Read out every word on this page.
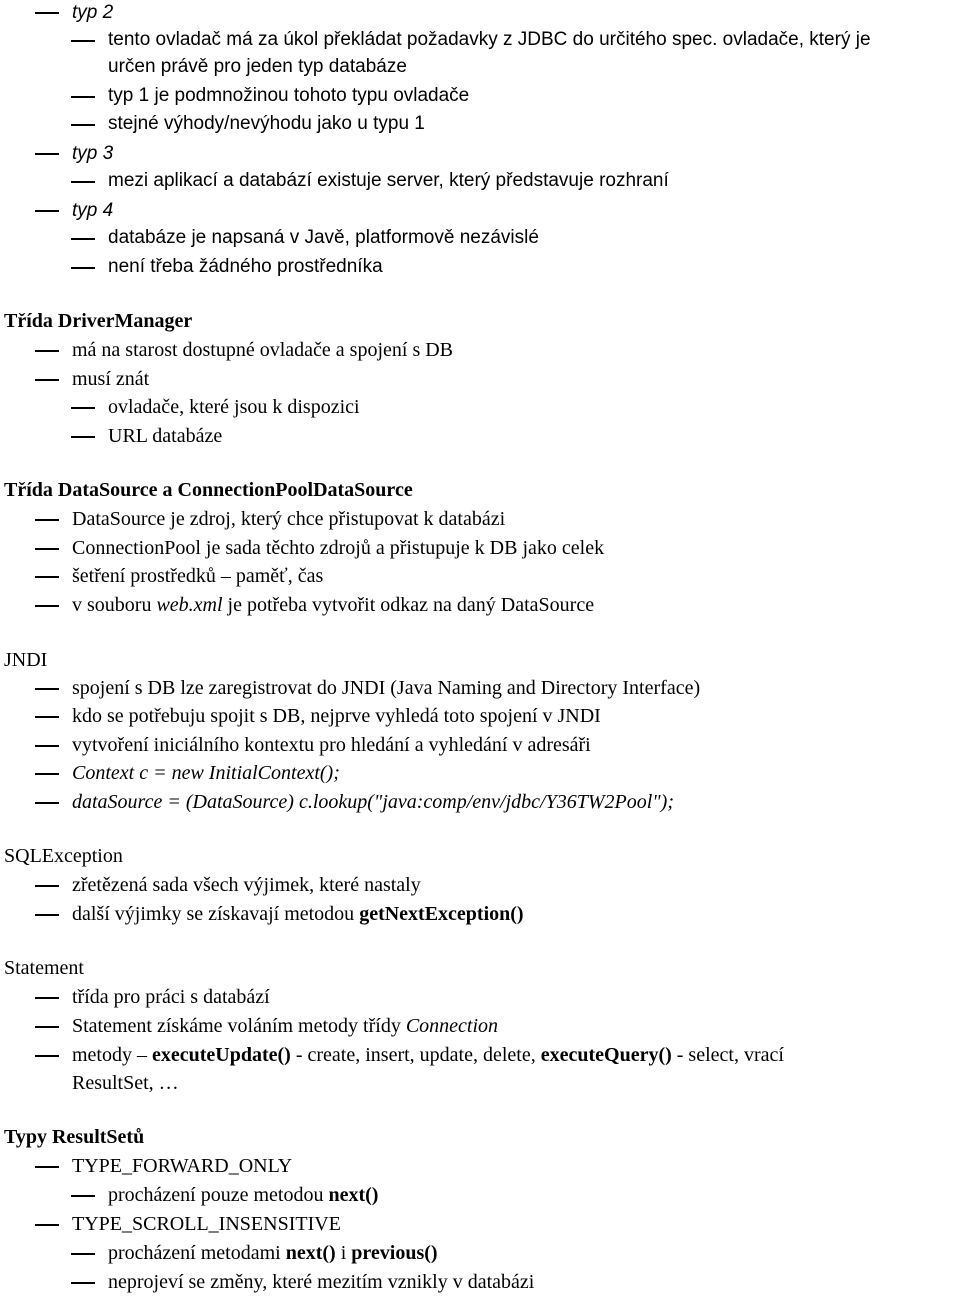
typ 2
tento ovladač má za úkol překládat požadavky z JDBC do určitého spec. ovladače, který je
určen právě pro jeden typ databáze
typ 1 je podmnožinou tohoto typu ovladače
stejné výhody/nevýhodu jako u typu 1
typ 3
mezi aplikací a databází existuje server, který představuje rozhraní
typ 4
databáze je napsaná v Javě, platformově nezávislé
není třeba žádného prostředníka
Třída DriverManager
má na starost dostupné ovladače a spojení s DB
musí znát
ovladače, které jsou k dispozici
URL databáze
Třída DataSource a ConnectionPoolDataSource
DataSource je zdroj, který chce přistupovat k databázi
ConnectionPool je sada těchto zdrojů a přistupuje k DB jako celek
šetření prostředků – paměť, čas
v souboru web.xml je potřeba vytvořit odkaz na daný DataSource
JNDI
spojení s DB lze zaregistrovat do JNDI (Java Naming and Directory Interface)
kdo se potřebuju spojit s DB, nejprve vyhledá toto spojení v JNDI
vytvoření iniciálního kontextu pro hledání a vyhledání v adresáři
Context c = new InitialContext();
dataSource = (DataSource) c.lookup("java:comp/env/jdbc/Y36TW2Pool");
SQLException
zřetězená sada všech výjimek, které nastaly
další výjimky se získavají metodou getNextException()
Statement
třída pro práci s databází
Statement získáme voláním metody třídy Connection
metody – executeUpdate() - create, insert, update, delete, executeQuery() - select, vrací
ResultSet, …
Typy ResultSetů
TYPE_FORWARD_ONLY
procházení pouze metodou next()
TYPE_SCROLL_INSENSITIVE
procházení metodami next() i previous()
neprojeví se změny, které mezitím vznikly v databázi
